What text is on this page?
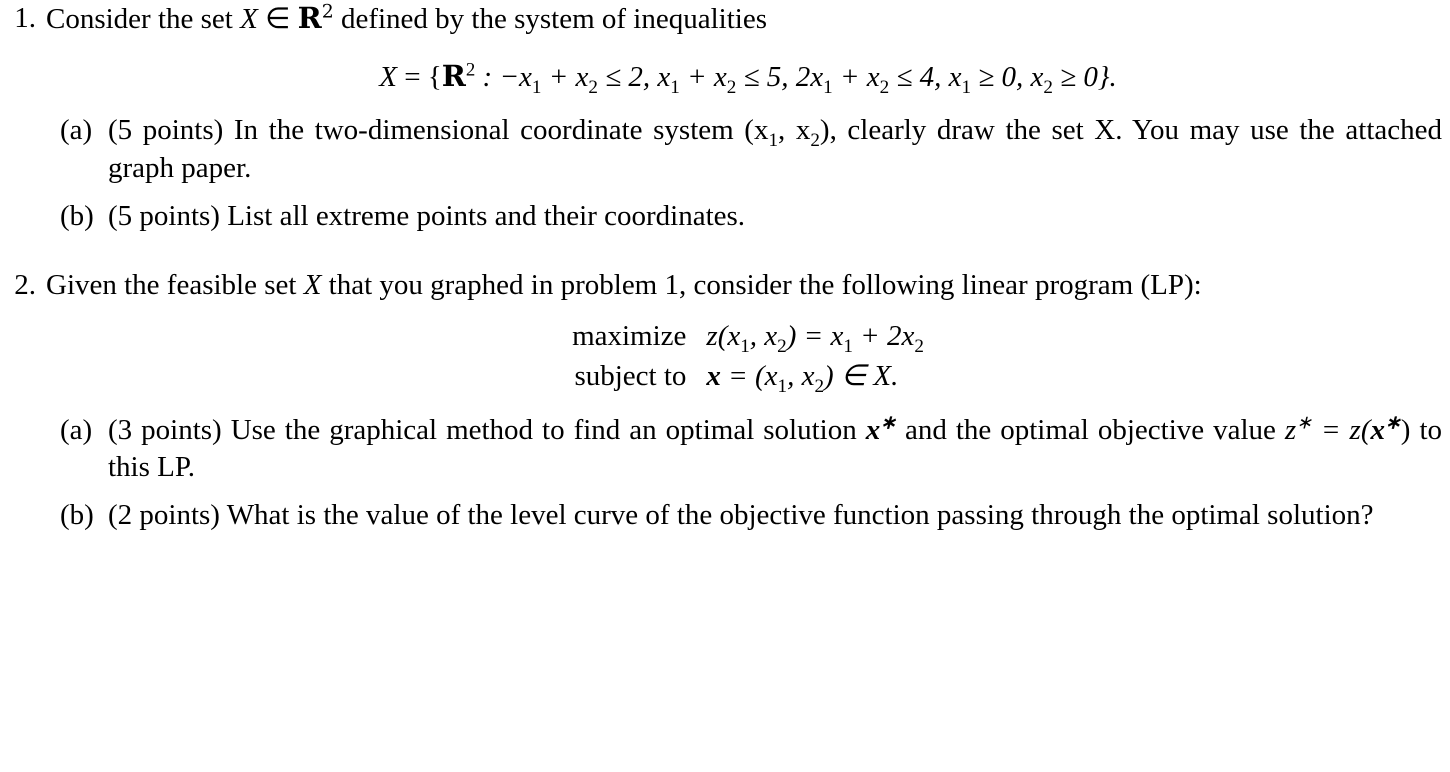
1. Consider the set X ∈ $R^2$ defined by the system of inequalities
$X = \{R^2$ : $-x_1 + x_2 \le 2$, $x_1 + x_2 \le 5$, $2x_1 + x_2 \le 4$, $x_1 \ge 0$, $x_2 \ge 0$}.
(a) (5 points) In the two-dimensional coordinate system ($x_1$, $x_2$), clearly draw the set X. You may use the attached graph paper.
(b) (5 points) List all extreme points and their coordinates.
2. Given the feasible set X that you graphed in problem 1, consider the following linear program (LP):
maximize $z(x_1$, $x_2) = x_1 + 2x_2$
subject to $x = (x_1$, $x_2$) ∈ X.
(a) (3 points) Use the graphical method to find an optimal solution x∗ and the optimal objective value z∗ = z(x∗) to this LP.
(b) (2 points) What is the value of the level curve of the objective function passing through the optimal solution?
